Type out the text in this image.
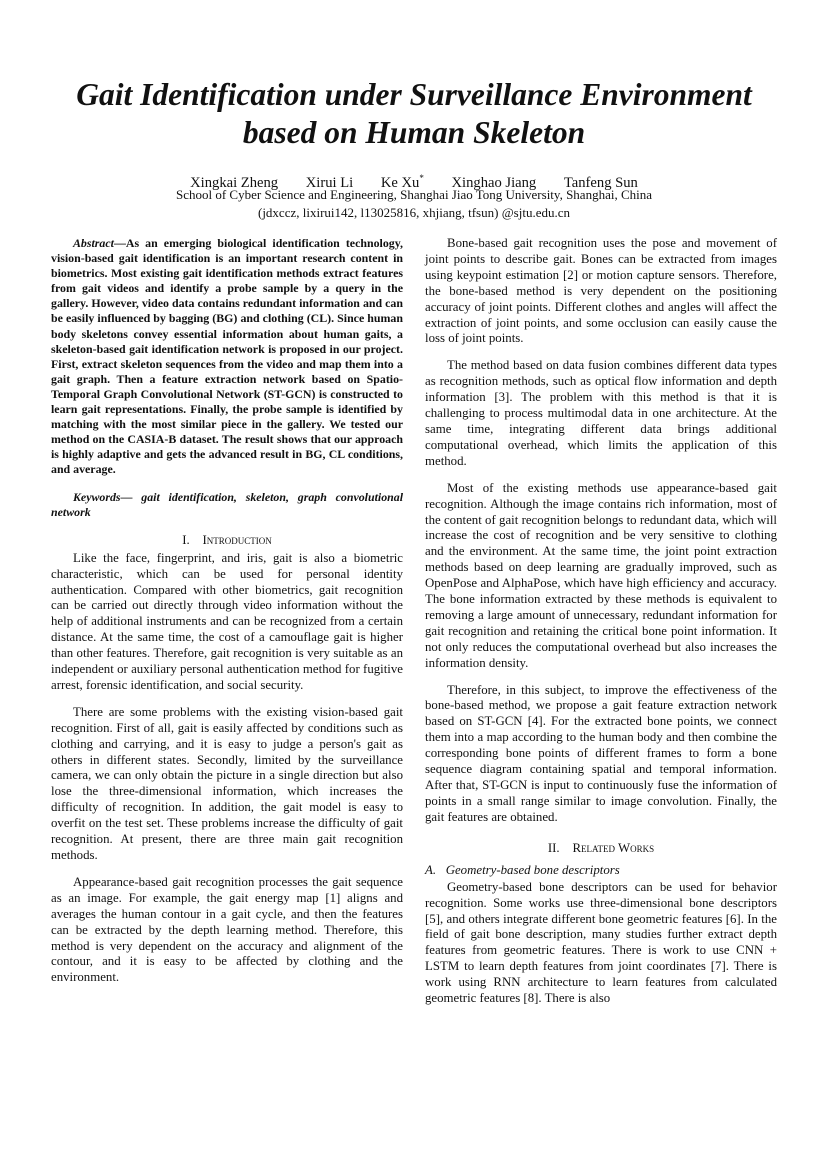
Gait Identification under Surveillance Environment
based on Human Skeleton
Xingkai Zheng Xirui Li Ke Xu* Xinghao Jiang Tanfeng Sun
School of Cyber Science and Engineering, Shanghai Jiao Tong University, Shanghai, China
(jdxccz, lixirui142, l13025816, xhjiang, tfsun) @sjtu.edu.cn

Abstract—As an emerging biological identification technology, vision-based gait identification is an important research content in biometrics. Most existing gait identification methods extract features from gait videos and identify a probe sample by a query in the gallery. However, video data contains redundant information and can be easily influenced by bagging (BG) and clothing (CL). Since human body skeletons convey essential information about human gaits, a skeleton-based gait identification network is proposed in our project. First, extract skeleton sequences from the video and map them into a gait graph. Then a feature extraction network based on Spatio-Temporal Graph Convolutional Network (ST-GCN) is constructed to learn gait representations. Finally, the probe sample is identified by matching with the most similar piece in the gallery. We tested our method on the CASIA-B dataset. The result shows that our approach is highly adaptive and gets the advanced result in BG, CL conditions, and average.

Keywords— gait identification, skeleton, graph convolutional network

I. Introduction

Like the face, fingerprint, and iris, gait is also a biometric characteristic, which can be used for personal identity authentication. Compared with other biometrics, gait recognition can be carried out directly through video information without the help of additional instruments and can be recognized from a certain distance. At the same time, the cost of a camouflage gait is higher than other features. Therefore, gait recognition is very suitable as an independent or auxiliary personal authentication method for fugitive arrest, forensic identification, and social security.

There are some problems with the existing vision-based gait recognition. First of all, gait is easily affected by conditions such as clothing and carrying, and it is easy to judge a person's gait as others in different states. Secondly, limited by the surveillance camera, we can only obtain the picture in a single direction but also lose the three-dimensional information, which increases the difficulty of recognition. In addition, the gait model is easy to overfit on the test set. These problems increase the difficulty of gait recognition. At present, there are three main gait recognition methods.

Appearance-based gait recognition processes the gait sequence as an image. For example, the gait energy map [1] aligns and averages the human contour in a gait cycle, and then the features can be extracted by the depth learning method. Therefore, this method is very dependent on the accuracy and alignment of the contour, and it is easy to be affected by clothing and the environment.

Bone-based gait recognition uses the pose and movement of joint points to describe gait. Bones can be extracted from images using keypoint estimation [2] or motion capture sensors. Therefore, the bone-based method is very dependent on the positioning accuracy of joint points. Different clothes and angles will affect the extraction of joint points, and some occlusion can easily cause the loss of joint points.

The method based on data fusion combines different data types as recognition methods, such as optical flow information and depth information [3]. The problem with this method is that it is challenging to process multimodal data in one architecture. At the same time, integrating different data brings additional computational overhead, which limits the application of this method.

Most of the existing methods use appearance-based gait recognition. Although the image contains rich information, most of the content of gait recognition belongs to redundant data, which will increase the cost of recognition and be very sensitive to clothing and the environment. At the same time, the joint point extraction methods based on deep learning are gradually improved, such as OpenPose and AlphaPose, which have high efficiency and accuracy. The bone information extracted by these methods is equivalent to removing a large amount of unnecessary, redundant information for gait recognition and retaining the critical bone point information. It not only reduces the computational overhead but also increases the information density.

Therefore, in this subject, to improve the effectiveness of the bone-based method, we propose a gait feature extraction network based on ST-GCN [4]. For the extracted bone points, we connect them into a map according to the human body and then combine the corresponding bone points of different frames to form a bone sequence diagram containing spatial and temporal information. After that, ST-GCN is input to continuously fuse the information of points in a small range similar to image convolution. Finally, the gait features are obtained.

II. Related Works
A. Geometry-based bone descriptors

Geometry-based bone descriptors can be used for behavior recognition. Some works use three-dimensional bone descriptors [5], and others integrate different bone geometric features [6]. In the field of gait bone description, many studies further extract depth features from geometric features. There is work to use CNN + LSTM to learn depth features from joint coordinates [7]. There is work using RNN architecture to learn features from calculated geometric features [8]. There is also
